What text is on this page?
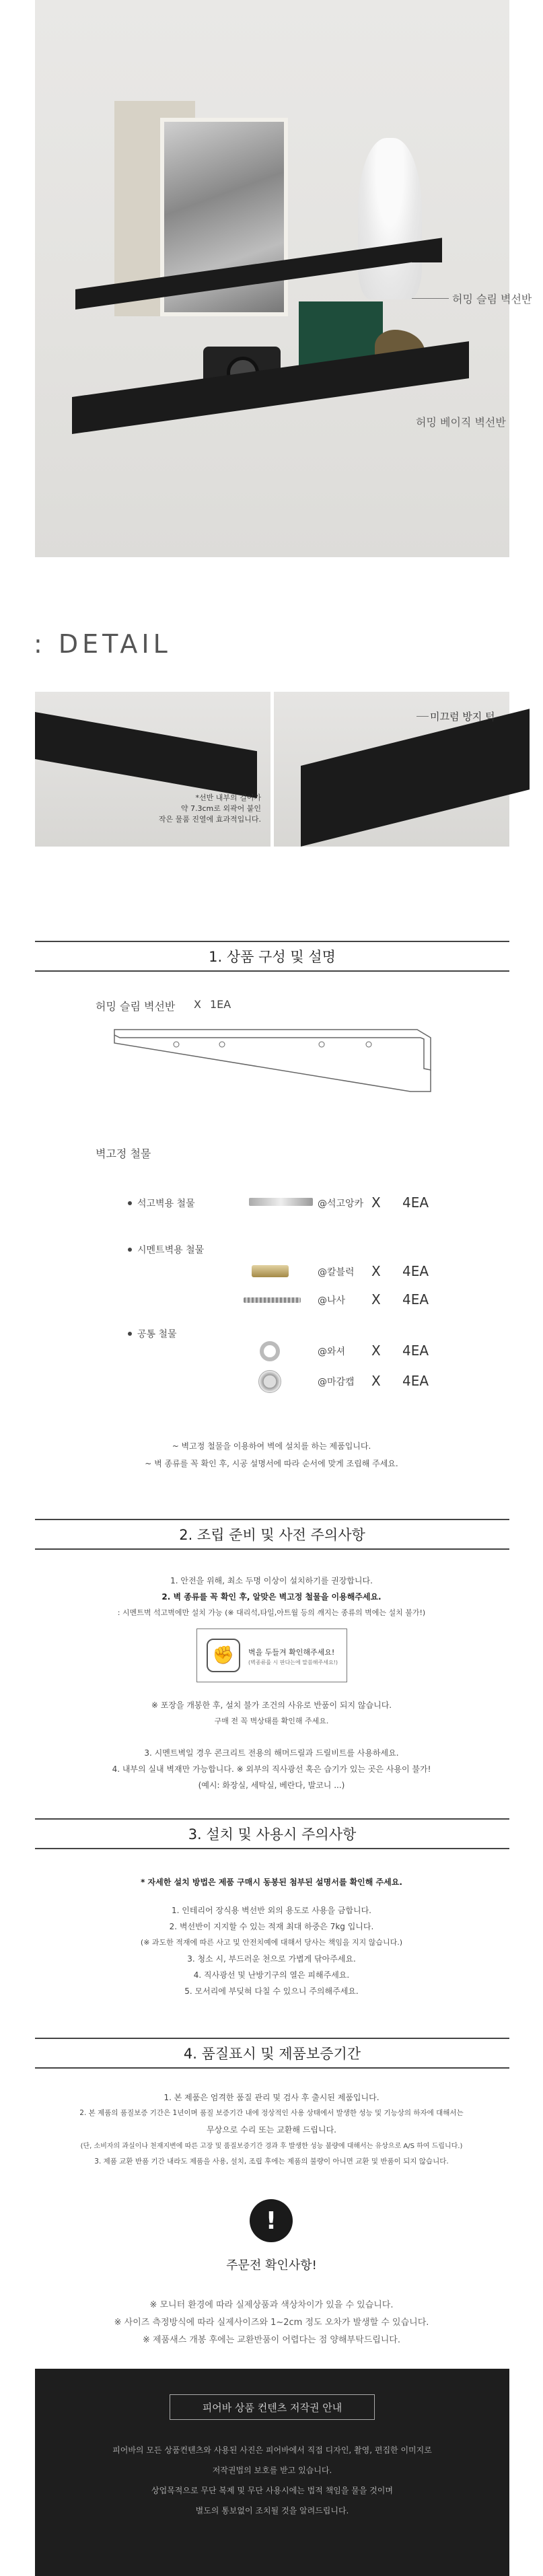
허밍 슬림 벽선반
허밍 베이직 벽선반
: DETAIL
*선반 내부의 길이가
약 7.3cm로 외곽어 붙인
작은 물품 진열에 효과적입니다.
미끄럼 방지 턱
1. 상품 구성 및 설명
허밍 슬림 벽선반 X 1EA
벽고정 철물
석고벽용 철물	@석고앙카 X 4EA
시멘트벽용 철물
@칼블럭 X 4EA
@나사 X 4EA
공통 철물
@와셔 X 4EA
@마감캡 X 4EA
~ 벽고정 철물을 이용하여 벽에 설치를 하는 제품입니다.
~ 벽 종류를 꼭 확인 후, 시공 설명서에 따라 순서에 맞게 조립해 주세요.
2. 조립 준비 및 사전 주의사항
1. 안전을 위해, 최소 두명 이상이 설치하기를 권장합니다.
2. 벽 종류를 꼭 확인 후, 알맞은 벽고정 철물을 이용해주세요.
: 시멘트벽 석고벽에만 설치 가능 (※ 대리석,타일,아트월 등의 깨지는 종류의 벽에는 설치 불가!)
✊	벽을 두들겨 확인해주세요!
(벽종류를 시 판다는에 말씀해주세요!)
※ 포장을 개봉한 후, 설치 불가 조건의 사유로 반품이 되지 않습니다.
구매 전 꼭 벽상태를 확인해 주세요.
3. 시멘트벽일 경우 콘크리트 전용의 해머드릴과 드릴비트를 사용하세요.
4. 내부의 실내 벽재만 가능합니다. ※ 외부의 직사광선 혹은 습기가 있는 곳은 사용이 불가!
(예시: 화장실, 세탁실, 베란다, 발코니 ...)
3. 설치 및 사용시 주의사항
* 자세한 설치 방법은 제품 구매시 동봉된 첨부된 설명서를 확인해 주세요.
1. 인테리어 장식용 벽선반 외의 용도로 사용을 금합니다.
2. 벽선반이 지지할 수 있는 적재 최대 하중은 7kg 입니다.
(※ 과도한 적재에 따른 사고 및 안전치예에 대해서 당사는 책임을 지지 않습니다.)
3. 청소 시, 부드러운 천으로 가볍게 닦아주세요.
4. 직사광선 및 난방기구의 열은 피해주세요.
5. 모서리에 부딪혀 다칠 수 있으니 주의해주세요.
4. 품질표시 및 제품보증기간
1. 본 제품은 엄격한 품질 관리 및 검사 후 출시된 제품입니다.
2. 본 제품의 품질보증 기간은 1년이며 품질 보증기간 내에 정상적인 사용 상태에서 발생한 성능 및 기능상의 하자에 대해서는
무상으로 수리 또는 교환해 드립니다.
(단, 소비자의 과실이나 천재지변에 따른 고장 및 품질보증기간 경과 후 발생한 성능 불량에 대해서는 유상으로 A/S 하여 드립니다.)
3. 제품 교환 반품 기간 내라도 제품을 사용, 설치, 조립 후에는 제품의 불량이 아니면 교환 및 반품이 되지 않습니다.
!
주문전 확인사항!
※ 모니터 환경에 따라 실제상품과 색상차이가 있을 수 있습니다.
※ 사이즈 측정방식에 따라 실제사이즈와 1~2cm 정도 오차가 발생할 수 있습니다.
※ 제품새스 개봉 후에는 교환반품이 어렵다는 점 양해부탁드립니다.
피어바 상품 컨텐츠 저작권 안내
피어바의 모든 상품컨텐츠와 사용된 사진은 피어바에서 직접 디자인, 촬영, 편집한 이미지로
저작권법의 보호를 받고 있습니다.
상업목적으로 무단 복제 및 무단 사용시에는 법적 책임을 물을 것이며
별도의 통보없이 조치될 것을 알려드립니다.
